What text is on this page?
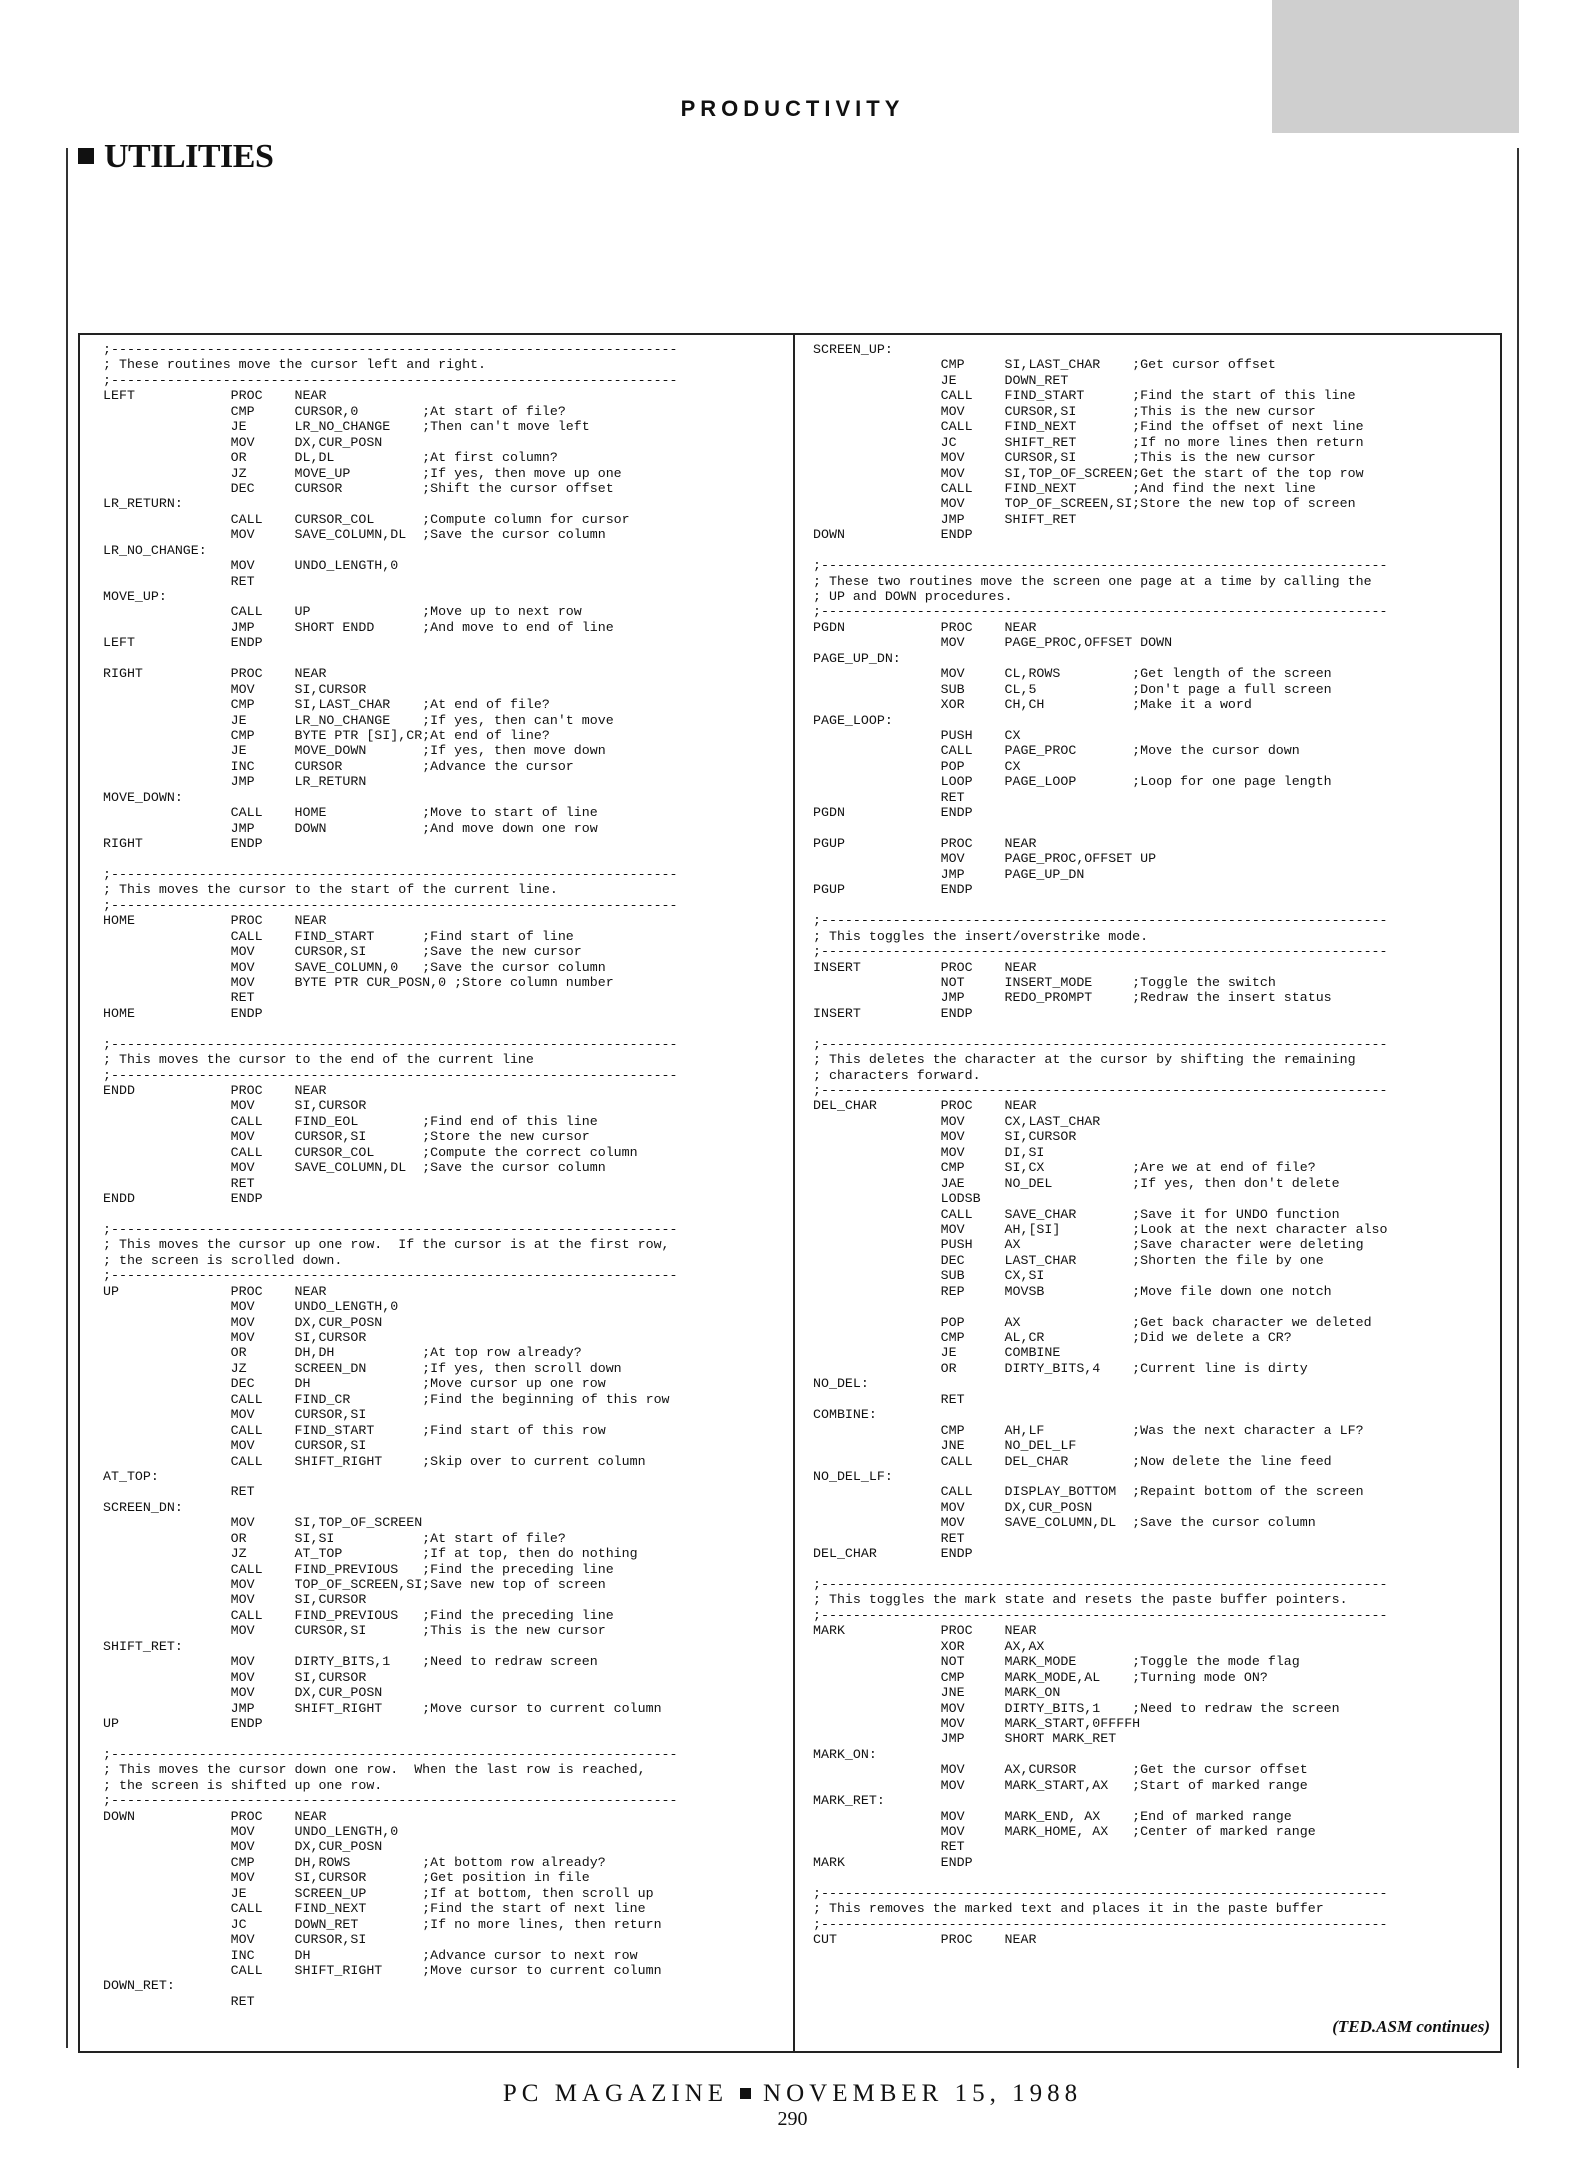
PRODUCTIVITY
UTILITIES
;-----------------------------------------------------------------------
; These routines move the cursor left and right.
;-----------------------------------------------------------------------
LEFT            PROC    NEAR
CMP     CURSOR,0        ;At start of file?
JE      LR_NO_CHANGE    ;Then can't move left
MOV     DX,CUR_POSN
OR      DL,DL           ;At first column?
JZ      MOVE_UP         ;If yes, then move up one
DEC     CURSOR          ;Shift the cursor offset
LR_RETURN:
CALL    CURSOR_COL      ;Compute column for cursor
MOV     SAVE_COLUMN,DL  ;Save the cursor column
LR_NO_CHANGE:
MOV     UNDO_LENGTH,0
RET
MOVE_UP:
CALL    UP              ;Move up to next row
JMP     SHORT ENDD      ;And move to end of line
LEFT            ENDP
RIGHT           PROC    NEAR
MOV     SI,CURSOR
CMP     SI,LAST_CHAR    ;At end of file?
JE      LR_NO_CHANGE    ;If yes, then can't move
CMP     BYTE PTR [SI],CR;At end of line?
JE      MOVE_DOWN       ;If yes, then move down
INC     CURSOR          ;Advance the cursor
JMP     LR_RETURN
MOVE_DOWN:
CALL    HOME            ;Move to start of line
JMP     DOWN            ;And move down one row
RIGHT           ENDP
;-----------------------------------------------------------------------
; This moves the cursor to the start of the current line.
;-----------------------------------------------------------------------
HOME            PROC    NEAR
CALL    FIND_START      ;Find start of line
MOV     CURSOR,SI       ;Save the new cursor
MOV     SAVE_COLUMN,0   ;Save the cursor column
MOV     BYTE PTR CUR_POSN,0 ;Store column number
RET
HOME            ENDP
;-----------------------------------------------------------------------
; This moves the cursor to the end of the current line
;-----------------------------------------------------------------------
ENDD            PROC    NEAR
MOV     SI,CURSOR
CALL    FIND_EOL        ;Find end of this line
MOV     CURSOR,SI       ;Store the new cursor
CALL    CURSOR_COL      ;Compute the correct column
MOV     SAVE_COLUMN,DL  ;Save the cursor column
RET
ENDD            ENDP
;-----------------------------------------------------------------------
; This moves the cursor up one row.  If the cursor is at the first row,
; the screen is scrolled down.
;-----------------------------------------------------------------------
UP              PROC    NEAR
MOV     UNDO_LENGTH,0
MOV     DX,CUR_POSN
MOV     SI,CURSOR
OR      DH,DH           ;At top row already?
JZ      SCREEN_DN       ;If yes, then scroll down
DEC     DH              ;Move cursor up one row
CALL    FIND_CR         ;Find the beginning of this row
MOV     CURSOR,SI
CALL    FIND_START      ;Find start of this row
MOV     CURSOR,SI
CALL    SHIFT_RIGHT     ;Skip over to current column
AT_TOP:
RET
SCREEN_DN:
MOV     SI,TOP_OF_SCREEN
OR      SI,SI           ;At start of file?
JZ      AT_TOP          ;If at top, then do nothing
CALL    FIND_PREVIOUS   ;Find the preceding line
MOV     TOP_OF_SCREEN,SI;Save new top of screen
MOV     SI,CURSOR
CALL    FIND_PREVIOUS   ;Find the preceding line
MOV     CURSOR,SI       ;This is the new cursor
SHIFT_RET:
MOV     DIRTY_BITS,1    ;Need to redraw screen
MOV     SI,CURSOR
MOV     DX,CUR_POSN
JMP     SHIFT_RIGHT     ;Move cursor to current column
UP              ENDP
;-----------------------------------------------------------------------
; This moves the cursor down one row.  When the last row is reached,
; the screen is shifted up one row.
;-----------------------------------------------------------------------
DOWN            PROC    NEAR
MOV     UNDO_LENGTH,0
MOV     DX,CUR_POSN
CMP     DH,ROWS         ;At bottom row already?
MOV     SI,CURSOR       ;Get position in file
JE      SCREEN_UP       ;If at bottom, then scroll up
CALL    FIND_NEXT       ;Find the start of next line
JC      DOWN_RET        ;If no more lines, then return
MOV     CURSOR,SI
INC     DH              ;Advance cursor to next row
CALL    SHIFT_RIGHT     ;Move cursor to current column
DOWN_RET:
RET
SCREEN_UP:
CMP     SI,LAST_CHAR    ;Get cursor offset
JE      DOWN_RET
CALL    FIND_START      ;Find the start of this line
MOV     CURSOR,SI       ;This is the new cursor
CALL    FIND_NEXT       ;Find the offset of next line
JC      SHIFT_RET       ;If no more lines then return
MOV     CURSOR,SI       ;This is the new cursor
MOV     SI,TOP_OF_SCREEN;Get the start of the top row
CALL    FIND_NEXT       ;And find the next line
MOV     TOP_OF_SCREEN,SI;Store the new top of screen
JMP     SHIFT_RET
DOWN            ENDP
;-----------------------------------------------------------------------
; These two routines move the screen one page at a time by calling the
; UP and DOWN procedures.
;-----------------------------------------------------------------------
PGDN            PROC    NEAR
MOV     PAGE_PROC,OFFSET DOWN
PAGE_UP_DN:
MOV     CL,ROWS         ;Get length of the screen
SUB     CL,5            ;Don't page a full screen
XOR     CH,CH           ;Make it a word
PAGE_LOOP:
PUSH    CX
CALL    PAGE_PROC       ;Move the cursor down
POP     CX
LOOP    PAGE_LOOP       ;Loop for one page length
RET
PGDN            ENDP
PGUP            PROC    NEAR
MOV     PAGE_PROC,OFFSET UP
JMP     PAGE_UP_DN
PGUP            ENDP
;-----------------------------------------------------------------------
; This toggles the insert/overstrike mode.
;-----------------------------------------------------------------------
INSERT          PROC    NEAR
NOT     INSERT_MODE     ;Toggle the switch
JMP     REDO_PROMPT     ;Redraw the insert status
INSERT          ENDP
;-----------------------------------------------------------------------
; This deletes the character at the cursor by shifting the remaining
; characters forward.
;-----------------------------------------------------------------------
DEL_CHAR        PROC    NEAR
MOV     CX,LAST_CHAR
MOV     SI,CURSOR
MOV     DI,SI
CMP     SI,CX           ;Are we at end of file?
JAE     NO_DEL          ;If yes, then don't delete
LODSB
CALL    SAVE_CHAR       ;Save it for UNDO function
MOV     AH,[SI]         ;Look at the next character also
PUSH    AX              ;Save character were deleting
DEC     LAST_CHAR       ;Shorten the file by one
SUB     CX,SI
REP     MOVSB           ;Move file down one notch
POP     AX              ;Get back character we deleted
CMP     AL,CR           ;Did we delete a CR?
JE      COMBINE
OR      DIRTY_BITS,4    ;Current line is dirty
NO_DEL:
RET
COMBINE:
CMP     AH,LF           ;Was the next character a LF?
JNE     NO_DEL_LF
CALL    DEL_CHAR        ;Now delete the line feed
NO_DEL_LF:
CALL    DISPLAY_BOTTOM  ;Repaint bottom of the screen
MOV     DX,CUR_POSN
MOV     SAVE_COLUMN,DL  ;Save the cursor column
RET
DEL_CHAR        ENDP
;-----------------------------------------------------------------------
; This toggles the mark state and resets the paste buffer pointers.
;-----------------------------------------------------------------------
MARK            PROC    NEAR
XOR     AX,AX
NOT     MARK_MODE       ;Toggle the mode flag
CMP     MARK_MODE,AL    ;Turning mode ON?
JNE     MARK_ON
MOV     DIRTY_BITS,1    ;Need to redraw the screen
MOV     MARK_START,0FFFFH
JMP     SHORT MARK_RET
MARK_ON:
MOV     AX,CURSOR       ;Get the cursor offset
MOV     MARK_START,AX   ;Start of marked range
MARK_RET:
MOV     MARK_END, AX    ;End of marked range
MOV     MARK_HOME, AX   ;Center of marked range
RET
MARK            ENDP
;-----------------------------------------------------------------------
; This removes the marked text and places it in the paste buffer
;-----------------------------------------------------------------------
CUT             PROC    NEAR
(TED.ASM continues)
PC MAGAZINE NOVEMBER 15, 1988
290
